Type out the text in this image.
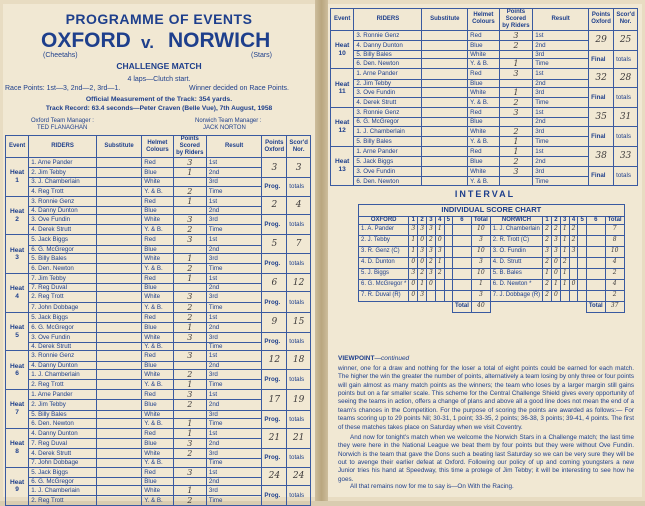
PROGRAMME OF EVENTS
OXFORD v. NORWICH
(Cheetahs)	(Stars)
CHALLENGE MATCH
4 laps—Clutch start.
Race Points: 1st—3, 2nd—2, 3rd—1.	Winner decided on Race Points.
Official Measurement of the Track: 354 yards.
Track Record: 63.4 seconds—Peter Craven (Belle Vue), 7th August, 1958
Oxford Team Manager :
TED FLANAGHAN
Norwich Team Manager :
JACK NORTON
Event	RIDERS	Substitute	Helmet Colours	Points Scored by Riders	Result	Points Oxford	Scor'd Nor.
Heat 1	1. Arne Pander		Red	3	1st	3	3
	2. Jim Tebby		Blue	1	2nd		
	3. J. Chamberlain		White		3rd	Prog.	totals
	4. Reg Trott		Y. & B.	2	Time		
Heat 2	3. Ronnie Genz		Red	1	1st	2	4
	4. Danny Dunton		Blue		2nd		
	3. Ove Fundin		White	3	3rd	Prog.	totals
	4. Derek Strutt		Y. & B.	2	Time		
Heat 3	5. Jack Biggs		Red	3	1st	5	7
	6. G. McGregor		Blue		2nd		
	5. Billy Bales		White	1	3rd	Prog.	totals
	6. Den. Newton		Y. & B.	2	Time		
Heat 4	7. Jim Tebby		Red	1	1st	6	12
	7. Reg Duval		Blue		2nd		
	2. Reg Trott		White	3	3rd	Prog.	totals
	7. John Dobbage		Y. & B.	2	Time		
Heat 5	5. Jack Biggs		Red	2	1st	9	15
	6. G. McGregor		Blue	1	2nd		
	3. Ove Fundin		White	3	3rd	Prog.	totals
	4. Derek Strutt		Y. & B.		Time		
Heat 6	3. Ronnie Genz		Red	3	1st	12	18
	4. Danny Dunton		Blue		2nd		
	1. J. Chamberlain		White	2	3rd	Prog.	totals
	2. Reg Trott		Y. & B.	1	Time		
Heat 7	1. Arne Pander		Red	3	1st	17	19
	2. Jim Tebby		Blue	2	2nd		
	5. Billy Bales		White		3rd	Prog.	totals
	6. Den. Newton		Y. & B.	1	Time		
Heat 8	4. Danny Dunton		Red	1	1st	21	21
	7. Reg Duval		Blue	3	2nd		
	4. Derek Strutt		White	2	3rd	Prog.	totals
	7. John Dobbage		Y. & B.		Time		
Heat 9	5. Jack Biggs		Red	3	1st	24	24
	6. G. McGregor		Blue		2nd		
	1. J. Chamberlain		White	1	3rd	Prog.	totals
	2. Reg Trott		Y. & B.	2	Time		
Event	RIDERS	Substitute	Helmet Colours	Points Scored by Riders	Result	Points Oxford	Scor'd Nor.
Heat 10	3. Ronnie Genz		Red	3	1st	29	25
	4. Danny Dunton		Blue	2	2nd		
	5. Billy Bales		White		3rd	Final	totals
	6. Den. Newton		Y. & B.	1	Time		
Heat 11	1. Arne Pander		Red	3	1st	32	28
	2. Jim Tebby		Blue		2nd		
	3. Ove Fundin		White	1	3rd	Final	totals
	4. Derek Strutt		Y. & B.	2	Time		
Heat 12	3. Ronnie Genz		Red	3	1st	35	31
	6. G. McGregor		Blue		2nd		
	1. J. Chamberlain		White	2	3rd	Final	totals
	5. Billy Bales		Y. & B.	1	Time		
Heat 13	1. Arne Pander		Red	1	1st	38	33
	5. Jack Biggs		Blue	2	2nd		
	3. Ove Fundin		White	3	3rd	Final	totals
	6. Den. Newton		Y. & B.		Time		
INTERVAL
INDIVIDUAL SCORE CHART															
OXFORD	1	2	3	4	5	6	Total	NORWICH	1	2	3	4	5	6	Total
1. A. Pander	3	3	3	1			10	1. J. Chamberlain	2	2	1	2			7
2. J. Tebby	1	0	2	0			3	2. R. Trott (C)	2	3	1	2			8
3. R. Genz (C)	1	3	3	3			10	3. O. Fundin	3	3	1	3			10
4. D. Dunton	0	0	2	1			3	4. D. Strutt	2	0	2				4
5. J. Biggs	3	2	3	2			10	5. B. Bales	1	0	1				2
6. G. McGregor *	0	1	0				1	6. D. Newton *	2	1	1	0			4
7. R. Duval (R)	0	3					3	7. J. Dobbage (R)	2	0					2
						Total	40							Total	37
VIEWPOINT—continued
winner, one for a draw and nothing for the loser a total of eight points could be earned for each match. The higher the win the greater the number of points, alternatively a team losing by only three or four points will gain almost as many match points as the winners; the team who loses by a larger margin still gains points but on a far smaller scale. This scheme for the Central Challenge Shield gives every opportunity of seeing the teams in action, offers a change of plans and above all a good line does not mean the end of a team's chances in the Competition. For the purpose of scoring the points are awarded as follows:— For teams scoring up to 29 points Nil; 30-31, 1 point; 33-35, 2 points; 36-38, 3 points; 39-41, 4 points. The first of these matches takes place on Saturday when we visit Coventry.
And now for tonight's match when we welcome the Norwich Stars in a Challenge match; the last time they were here in the National League we beat them by four points but they were without Ove Fundin. Norwich is the team that gave the Dons such a beating last Saturday so we can be very sure they will be out to avenge their earlier defeat at Oxford. Following our policy of up and coming youngsters a new Junior tries his hand at Speedway, this time a protege of Jim Tebby; it will be interesting to see how he goes.
All that remains now for me to say is—On With the Racing.
